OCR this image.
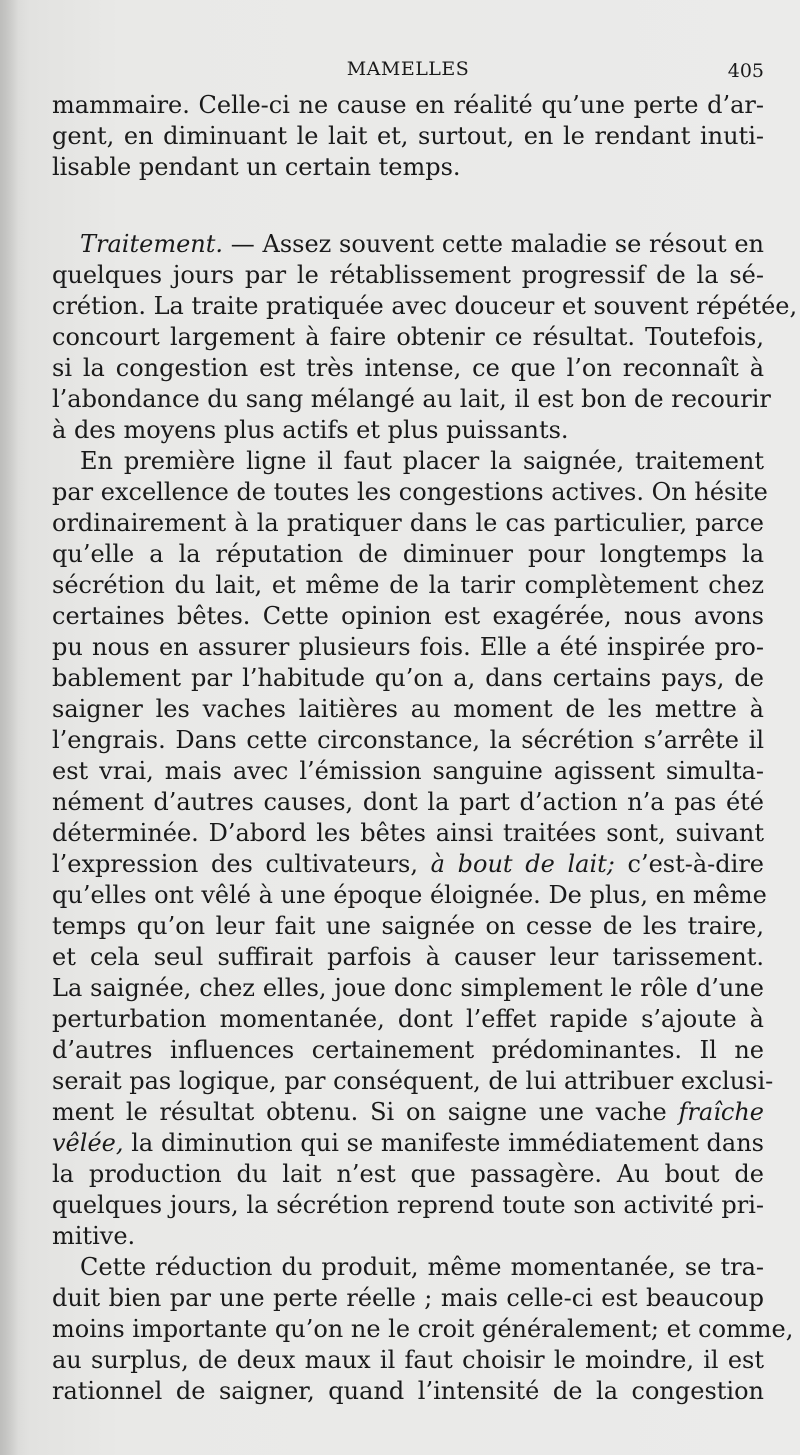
MAMELLES	405
mammaire. Celle-ci ne cause en réalité qu’une perte d’ar-
gent, en diminuant le lait et, surtout, en le rendant inuti-
lisable pendant un certain temps.
Traitement. — Assez souvent cette maladie se résout en
quelques jours par le rétablissement progressif de la sé-
crétion. La traite pratiquée avec douceur et souvent répétée,
concourt largement à faire obtenir ce résultat. Toutefois,
si la congestion est très intense, ce que l’on reconnaît à
l’abondance du sang mélangé au lait, il est bon de recourir
à des moyens plus actifs et plus puissants.
En première ligne il faut placer la saignée, traitement
par excellence de toutes les congestions actives. On hésite
ordinairement à la pratiquer dans le cas particulier, parce
qu’elle a la réputation de diminuer pour longtemps la
sécrétion du lait, et même de la tarir complètement chez
certaines bêtes. Cette opinion est exagérée, nous avons
pu nous en assurer plusieurs fois. Elle a été inspirée pro-
bablement par l’habitude qu’on a, dans certains pays, de
saigner les vaches laitières au moment de les mettre à
l’engrais. Dans cette circonstance, la sécrétion s’arrête il
est vrai, mais avec l’émission sanguine agissent simulta-
nément d’autres causes, dont la part d’action n’a pas été
déterminée. D’abord les bêtes ainsi traitées sont, suivant
l’expression des cultivateurs, à bout de lait; c’est-à-dire
qu’elles ont vêlé à une époque éloignée. De plus, en même
temps qu’on leur fait une saignée on cesse de les traire,
et cela seul suffirait parfois à causer leur tarissement.
La saignée, chez elles, joue donc simplement le rôle d’une
perturbation momentanée, dont l’effet rapide s’ajoute à
d’autres influences certainement prédominantes. Il ne
serait pas logique, par conséquent, de lui attribuer exclusi-
ment le résultat obtenu. Si on saigne une vache fraîche
vêlée, la diminution qui se manifeste immédiatement dans
la production du lait n’est que passagère. Au bout de
quelques jours, la sécrétion reprend toute son activité pri-
mitive.
Cette réduction du produit, même momentanée, se tra-
duit bien par une perte réelle ; mais celle-ci est beaucoup
moins importante qu’on ne le croit généralement; et comme,
au surplus, de deux maux il faut choisir le moindre, il est
rationnel de saigner, quand l’intensité de la congestion
